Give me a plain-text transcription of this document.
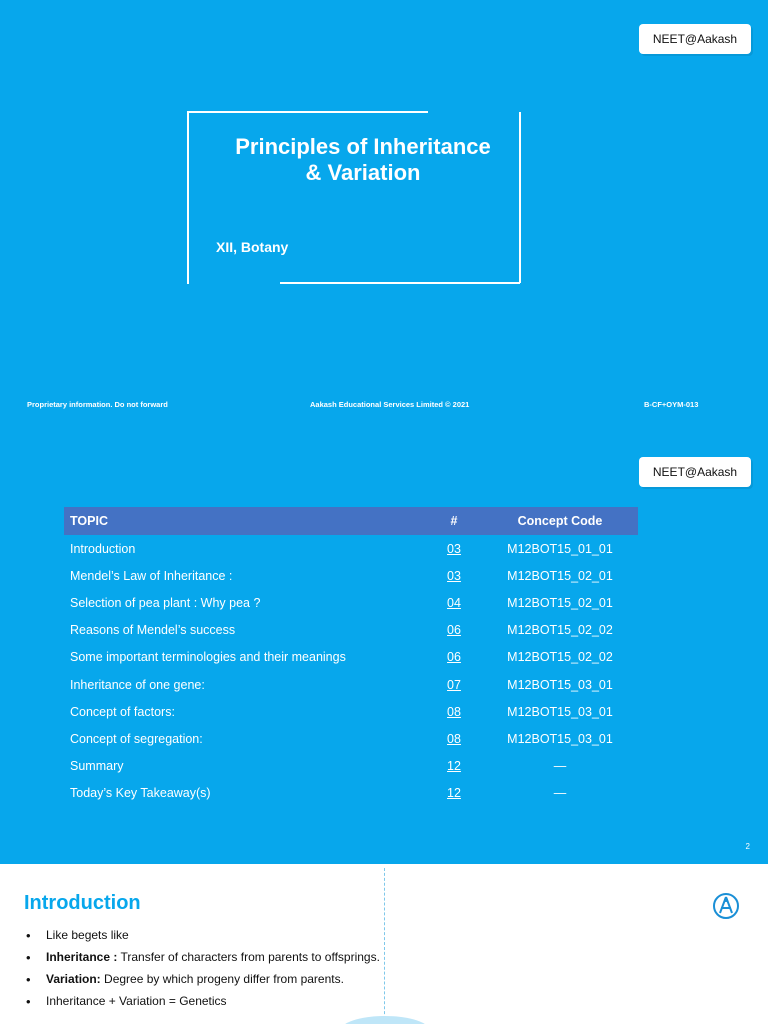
NEET@Aakash
Principles of Inheritance
& Variation
XII, Botany
Proprietary information. Do not forward	Aakash Educational Services Limited © 2021	B-CF+OYM-013
NEET@Aakash
TOPIC	#	Concept Code
Introduction	03	M12BOT15_01_01
Mendel’s Law of Inheritance :	03	M12BOT15_02_01
Selection of pea plant : Why pea ?	04	M12BOT15_02_01
Reasons of Mendel’s success	06	M12BOT15_02_02
Some important terminologies and their meanings	06	M12BOT15_02_02
Inheritance of one gene:	07	M12BOT15_03_01
Concept of factors:	08	M12BOT15_03_01
Concept of segregation:	08	M12BOT15_03_01
Summary	12	—
Today’s Key Takeaway(s)	12	—
2
Introduction
• Like begets like
• Inheritance : Transfer of characters from parents to offsprings.
• Variation: Degree by which progeny differ from parents.
• Inheritance + Variation = Genetics
